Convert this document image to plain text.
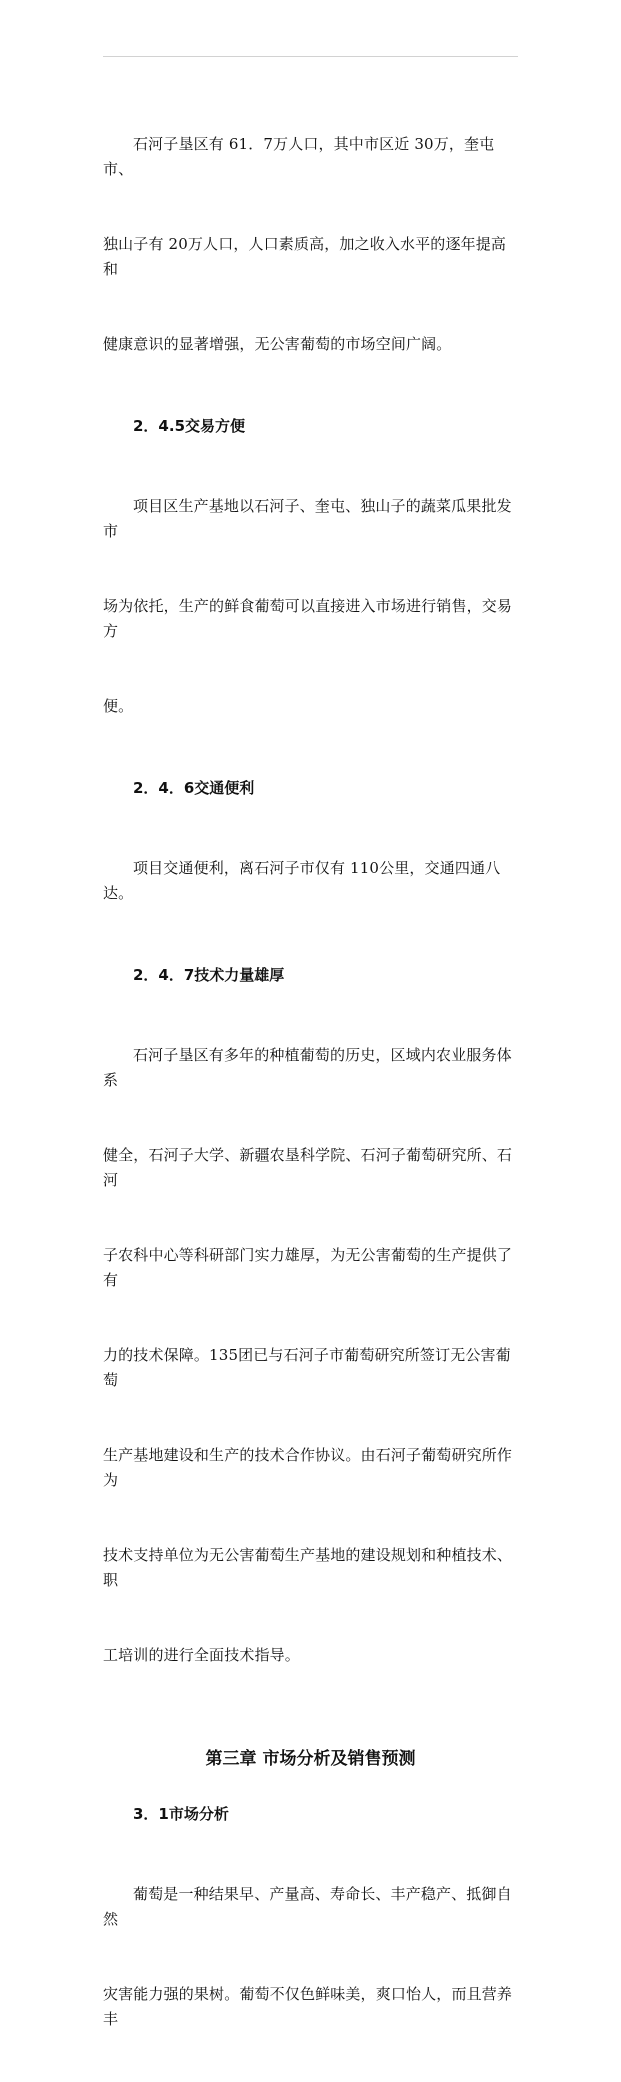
石河子垦区有 61．7万人口，其中市区近 30万，奎屯市、

独山子有 20万人口，人口素质高，加之收入水平的逐年提高和

健康意识的显著增强，无公害葡萄的市场空间广阔。

2．4.5交易方便

项目区生产基地以石河子、奎屯、独山子的蔬菜瓜果批发市

场为依托，生产的鲜食葡萄可以直接进入市场进行销售，交易方

便。

2．4．6交通便利

项目交通便利，离石河子市仅有 110公里，交通四通八达。

2．4．7技术力量雄厚

石河子垦区有多年的种植葡萄的历史，区域内农业服务体系

健全，石河子大学、新疆农垦科学院、石河子葡萄研究所、石河

子农科中心等科研部门实力雄厚，为无公害葡萄的生产提供了有

力的技术保障。135团已与石河子市葡萄研究所签订无公害葡萄

生产基地建设和生产的技术合作协议。由石河子葡萄研究所作为

技术支持单位为无公害葡萄生产基地的建设规划和种植技术、职

工培训的进行全面技术指导。

第三章 市场分析及销售预测
3．1市场分析

葡萄是一种结果早、产量高、寿命长、丰产稳产、抵御自然

灾害能力强的果树。葡萄不仅色鲜味美，爽口怡人，而且营养丰
